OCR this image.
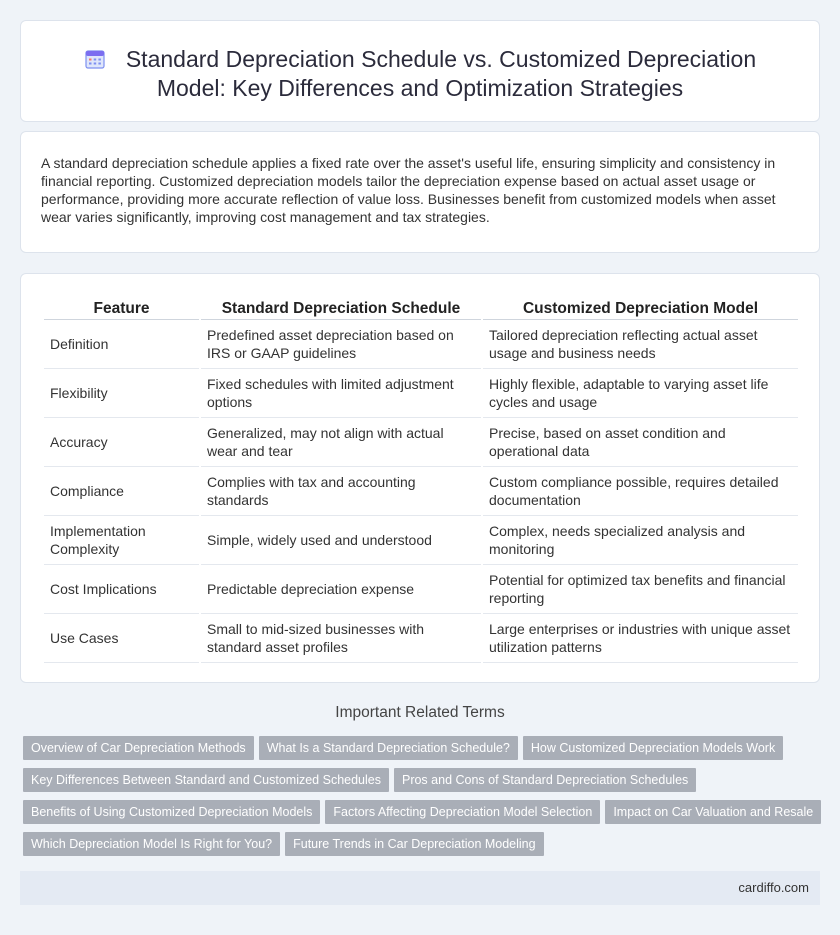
Standard Depreciation Schedule vs. Customized Depreciation
Model: Key Differences and Optimization Strategies

A standard depreciation schedule applies a fixed rate over the asset's useful life, ensuring simplicity and consistency in financial reporting. Customized depreciation models tailor the depreciation expense based on actual asset usage or performance, providing more accurate reflection of value loss. Businesses benefit from customized models when asset wear varies significantly, improving cost management and tax strategies.

Feature	Standard Depreciation Schedule	Customized Depreciation Model
Definition	Predefined asset depreciation based on IRS or GAAP guidelines	Tailored depreciation reflecting actual asset usage and business needs
Flexibility	Fixed schedules with limited adjustment options	Highly flexible, adaptable to varying asset life cycles and usage
Accuracy	Generalized, may not align with actual wear and tear	Precise, based on asset condition and operational data
Compliance	Complies with tax and accounting standards	Custom compliance possible, requires detailed documentation
Implementation Complexity	Simple, widely used and understood	Complex, needs specialized analysis and monitoring
Cost Implications	Predictable depreciation expense	Potential for optimized tax benefits and financial reporting
Use Cases	Small to mid-sized businesses with standard asset profiles	Large enterprises or industries with unique asset utilization patterns
Important Related Terms
Overview of Car Depreciation Methods What Is a Standard Depreciation Schedule? How Customized Depreciation Models Work
Key Differences Between Standard and Customized Schedules Pros and Cons of Standard Depreciation Schedules
Benefits of Using Customized Depreciation Models Factors Affecting Depreciation Model Selection Impact on Car Valuation and Resale
Which Depreciation Model Is Right for You? Future Trends in Car Depreciation Modeling
cardiffo.com
